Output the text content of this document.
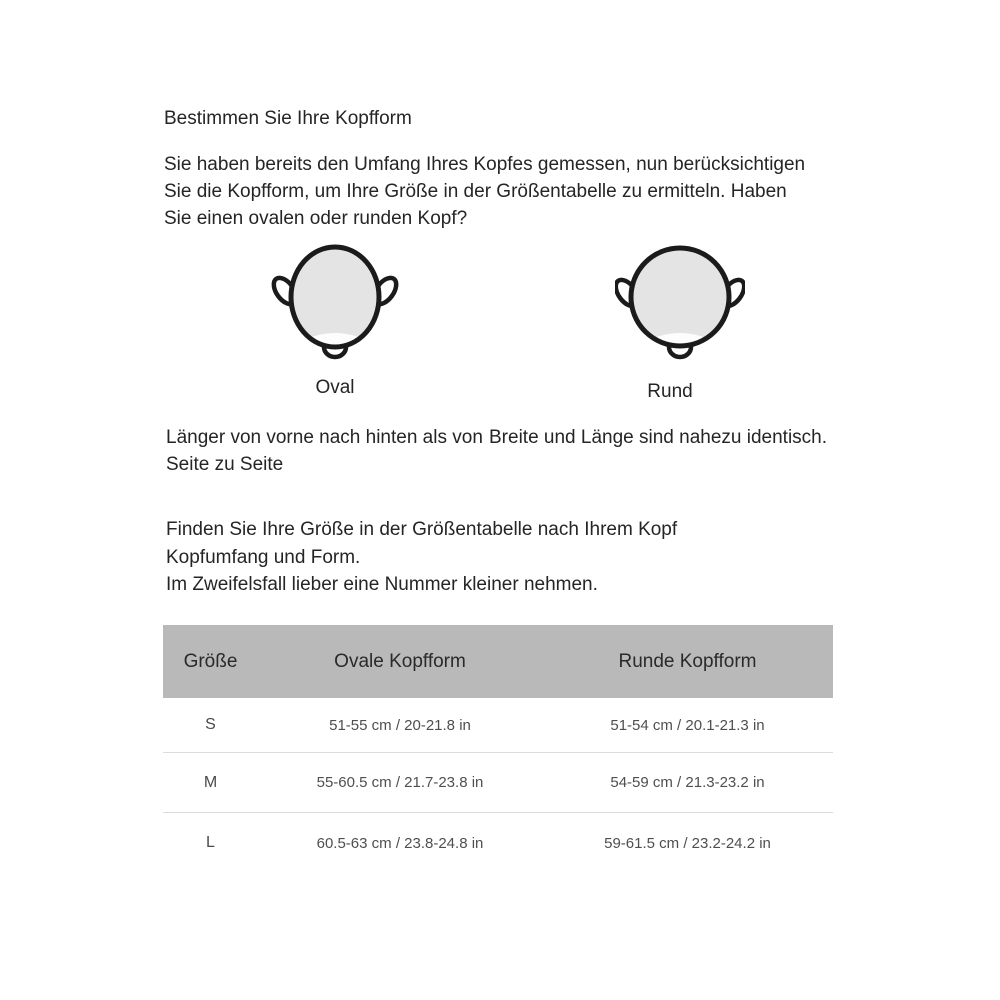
Bestimmen Sie Ihre Kopfform
Sie haben bereits den Umfang Ihres Kopfes gemessen, nun berücksichtigen
Sie die Kopfform, um Ihre Größe in der Größentabelle zu ermitteln. Haben
Sie einen ovalen oder runden Kopf?
Oval	Rund
Länger von vorne nach hinten als von
Seite zu Seite
Breite und Länge sind nahezu identisch.
Finden Sie Ihre Größe in der Größentabelle nach Ihrem Kopf
Kopfumfang und Form.
Im Zweifelsfall lieber eine Nummer kleiner nehmen.
Größe	Ovale Kopfform	Runde Kopfform
S	51-55 cm / 20-21.8 in	51-54 cm / 20.1-21.3 in
M	55-60.5 cm / 21.7-23.8 in	54-59 cm / 21.3-23.2 in
L	60.5-63 cm / 23.8-24.8 in	59-61.5 cm / 23.2-24.2 in
